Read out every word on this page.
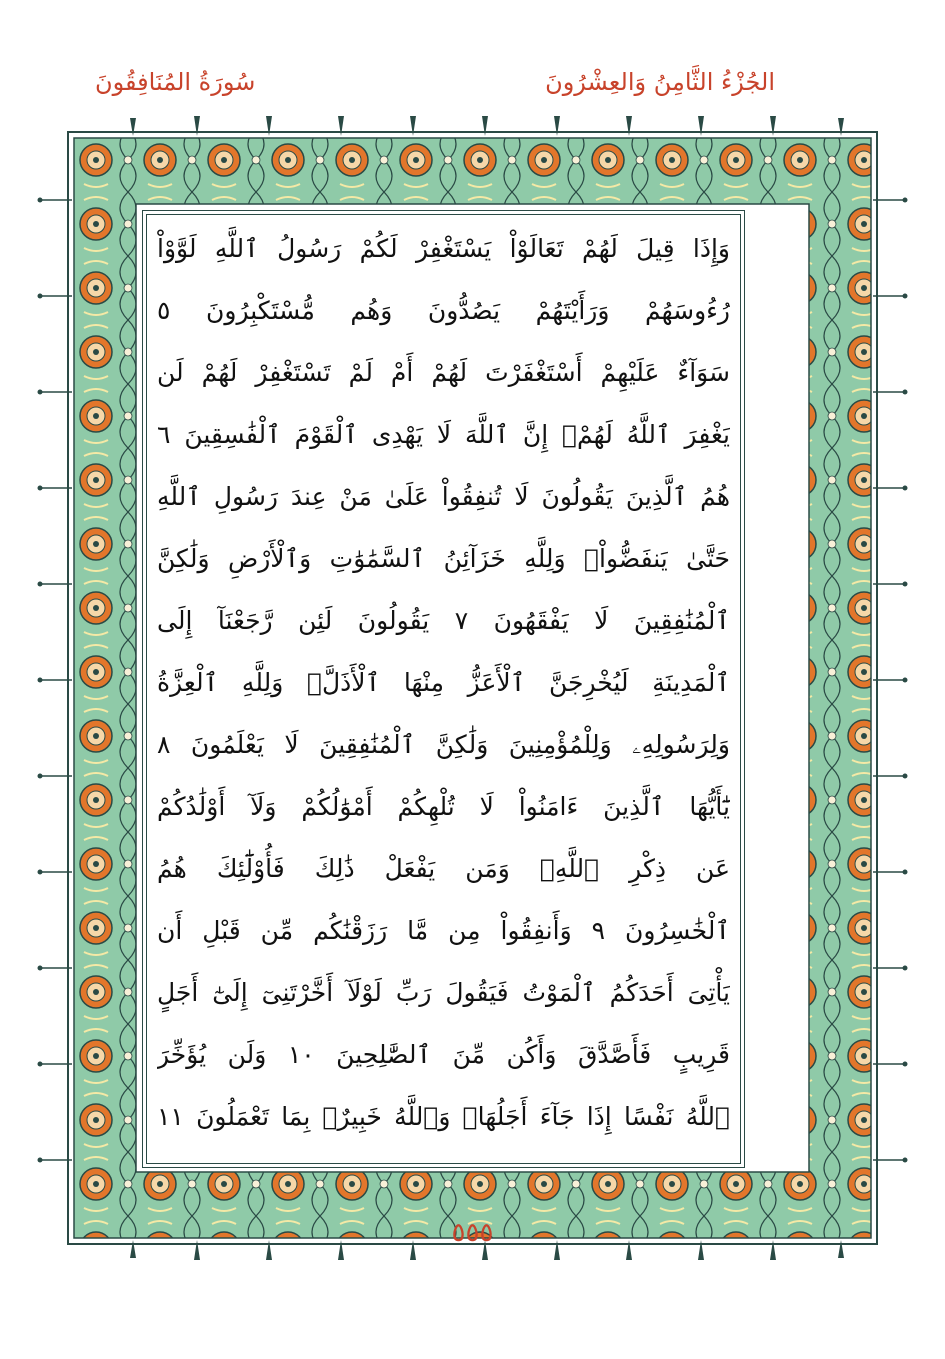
الجُزْءُ الثَّامِنُ وَالعِشْرُونَ
سُورَةُ المُنَافِقُونَ
وَإِذَا قِيلَ لَهُمْ تَعَالَوْاْ يَسْتَغْفِرْ لَكُمْ رَسُولُ ٱللَّهِ لَوَّوْاْ
رُءُوسَهُمْ وَرَأَيْتَهُمْ يَصُدُّونَ وَهُم مُّسْتَكْبِرُونَ ٥
سَوَآءٌ عَلَيْهِمْ أَسْتَغْفَرْتَ لَهُمْ أَمْ لَمْ تَسْتَغْفِرْ لَهُمْ لَن
يَغْفِرَ ٱللَّهُ لَهُمْۚ إِنَّ ٱللَّهَ لَا يَهْدِى ٱلْقَوْمَ ٱلْفَٰسِقِينَ ٦
هُمُ ٱلَّذِينَ يَقُولُونَ لَا تُنفِقُواْ عَلَىٰ مَنْ عِندَ رَسُولِ ٱللَّهِ
حَتَّىٰ يَنفَضُّواْۗ وَلِلَّهِ خَزَآئِنُ ٱلسَّمَٰوَٰتِ وَٱلْأَرْضِ وَلَٰكِنَّ
ٱلْمُنَٰفِقِينَ لَا يَفْقَهُونَ ٧ يَقُولُونَ لَئِن رَّجَعْنَآ إِلَى
ٱلْمَدِينَةِ لَيُخْرِجَنَّ ٱلْأَعَزُّ مِنْهَا ٱلْأَذَلَّۚ وَلِلَّهِ ٱلْعِزَّةُ
وَلِرَسُولِهِۦ وَلِلْمُؤْمِنِينَ وَلَٰكِنَّ ٱلْمُنَٰفِقِينَ لَا يَعْلَمُونَ ٨
يَٰٓأَيُّهَا ٱلَّذِينَ ءَامَنُواْ لَا تُلْهِكُمْ أَمْوَٰلُكُمْ وَلَآ أَوْلَٰدُكُمْ
عَن ذِكْرِ ٱللَّهِۚ وَمَن يَفْعَلْ ذَٰلِكَ فَأُوْلَٰٓئِكَ هُمُ
ٱلْخَٰسِرُونَ ٩ وَأَنفِقُواْ مِن مَّا رَزَقْنَٰكُم مِّن قَبْلِ أَن
يَأْتِىَ أَحَدَكُمُ ٱلْمَوْتُ فَيَقُولَ رَبِّ لَوْلَآ أَخَّرْتَنِىٓ إِلَىٰٓ أَجَلٍ
قَرِيبٍ فَأَصَّدَّقَ وَأَكُن مِّنَ ٱلصَّٰلِحِينَ ١٠ وَلَن يُؤَخِّرَ
ٱللَّهُ نَفْسًا إِذَا جَآءَ أَجَلُهَاۚ وَٱللَّهُ خَبِيرٌۢ بِمَا تَعْمَلُونَ ١١
٥٥٥
